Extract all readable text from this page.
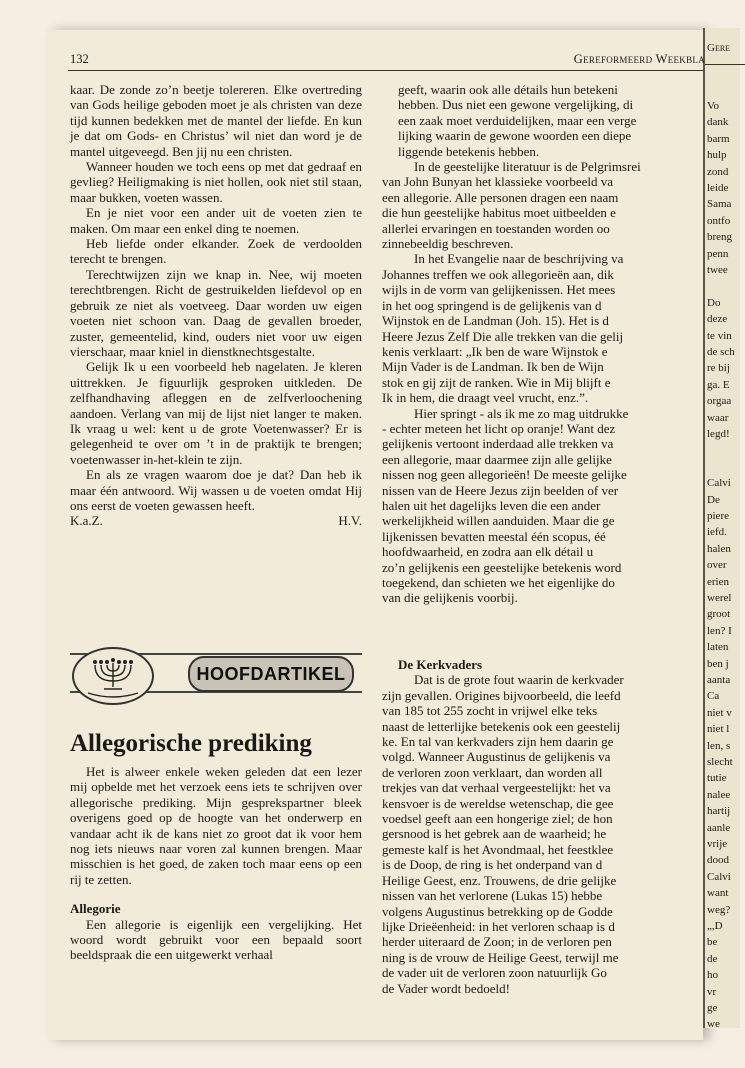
Gere
Vo
dank
barm
hulp
zond
leide
Sama
ontfo
breng
penn
twee
Do
deze
te vin
de sch
re bij
ga. E
orgaa
waar
legd!
Calvi
De
piere
iefd.
halen
over
erien
werel
groot
len? I
laten
ben j
aanta
Ca
niet v
niet l
len, s
slecht
tutie
nalee
hartij
aanle
vrije
dood
Calvi
want
weg?
„,D
be
de
ho
vr
ge
we
132	Gereformeerd Weekbla

kaar. De zonde zo’n beetje tolereren. Elke overtreding van Gods heilige geboden moet je als christen van deze tijd kunnen bedekken met de mantel der liefde. En kun je dat om Gods- en Christus’ wil niet dan word je de mantel uitgeveegd. Ben jij nu een christen.

Wanneer houden we toch eens op met dat gedraaf en gevlieg? Heiligmaking is niet hollen, ook niet stil staan, maar bukken, voeten wassen.

En je niet voor een ander uit de voeten zien te maken. Om maar een enkel ding te noemen.

Heb liefde onder elkander. Zoek de verdoolden terecht te brengen.

Terechtwijzen zijn we knap in. Nee, wij moeten terechtbrengen. Richt de gestruikelden liefdevol op en gebruik ze niet als voetveeg. Daar worden uw eigen voeten niet schoon van. Daag de gevallen broeder, zuster, gemeentelid, kind, ouders niet voor uw eigen vierschaar, maar kniel in dienstknechtsgestalte.

Gelijk Ik u een voorbeeld heb nagelaten. Je kleren uittrekken. Je figuurlijk gesproken uitkleden. De zelfhandhaving afleggen en de zelfverloochening aandoen. Verlang van mij de lijst niet langer te maken. Ik vraag u wel: kent u de grote Voetenwasser? Er is gelegenheid te over om ’t in de praktijk te brengen; voetenwasser in-het-klein te zijn.

En als ze vragen waarom doe je dat? Dan heb ik maar één antwoord. Wij wassen u de voeten omdat Hij ons eerst de voeten gewassen heeft.

K.a.Z.	H.V.
HOOFDARTIKEL
Allegorische prediking

Het is alweer enkele weken geleden dat een lezer mij opbelde met het verzoek eens iets te schrijven over allegorische prediking. Mijn gesprekspartner bleek overigens goed op de hoogte van het onderwerp en vandaar acht ik de kans niet zo groot dat ik voor hem nog iets nieuws naar voren zal kunnen brengen. Maar misschien is het goed, de zaken toch maar eens op een rij te zetten.

Allegorie

Een allegorie is eigenlijk een vergelijking. Het woord wordt gebruikt voor een bepaald soort beeldspraak die een uitgewerkt verhaal

geeft, waarin ook alle détails hun betekeni
hebben. Dus niet een gewone vergelijking, di
een zaak moet verduidelijken, maar een verge
lijking waarin de gewone woorden een diepe
liggende betekenis hebben.

In de geestelijke literatuur is de Pelgrimsrei
van John Bunyan het klassieke voorbeeld va
een allegorie. Alle personen dragen een naam
die hun geestelijke habitus moet uitbeelden e
allerlei ervaringen en toestanden worden oo
zinnebeeldig beschreven.

In het Evangelie naar de beschrijving va
Johannes treffen we ook allegorieën aan, dik
wijls in de vorm van gelijkenissen. Het mees
in het oog springend is de gelijkenis van d
Wijnstok en de Landman (Joh. 15). Het is d
Heere Jezus Zelf Die alle trekken van die gelij
kenis verklaart: „Ik ben de ware Wijnstok e
Mijn Vader is de Landman. Ik ben de Wijn
stok en gij zijt de ranken. Wie in Mij blijft e
Ik in hem, die draagt veel vrucht, enz.”.

Hier springt - als ik me zo mag uitdrukke
- echter meteen het licht op oranje! Want dez
gelijkenis vertoont inderdaad alle trekken va
een allegorie, maar daarmee zijn alle gelijke
nissen nog geen allegorieën! De meeste gelijke
nissen van de Heere Jezus zijn beelden of ver
halen uit het dagelijks leven die een ander
werkelijkheid willen aanduiden. Maar die ge
lijkenissen bevatten meestal één scopus, éé
hoofdwaarheid, en zodra aan elk détail u
zo’n gelijkenis een geestelijke betekenis word
toegekend, dan schieten we het eigenlijke do
van die gelijkenis voorbij.

De Kerkvaders

Dat is de grote fout waarin de kerkvader
zijn gevallen. Origines bijvoorbeeld, die leefd
van 185 tot 255 zocht in vrijwel elke teks
naast de letterlijke betekenis ook een geestelij
ke. En tal van kerkvaders zijn hem daarin ge
volgd. Wanneer Augustinus de gelijkenis va
de verloren zoon verklaart, dan worden all
trekjes van dat verhaal vergeestelijkt: het va
kensvoer is de wereldse wetenschap, die gee
voedsel geeft aan een hongerige ziel; de hon
gersnood is het gebrek aan de waarheid; he
gemeste kalf is het Avondmaal, het feestklee
is de Doop, de ring is het onderpand van d
Heilige Geest, enz. Trouwens, de drie gelijke
nissen van het verlorene (Lukas 15) hebbe
volgens Augustinus betrekking op de Godde
lijke Drieëenheid: in het verloren schaap is d
herder uiteraard de Zoon; in de verloren pen
ning is de vrouw de Heilige Geest, terwijl me
de vader uit de verloren zoon natuurlijk Go
de Vader wordt bedoeld!
